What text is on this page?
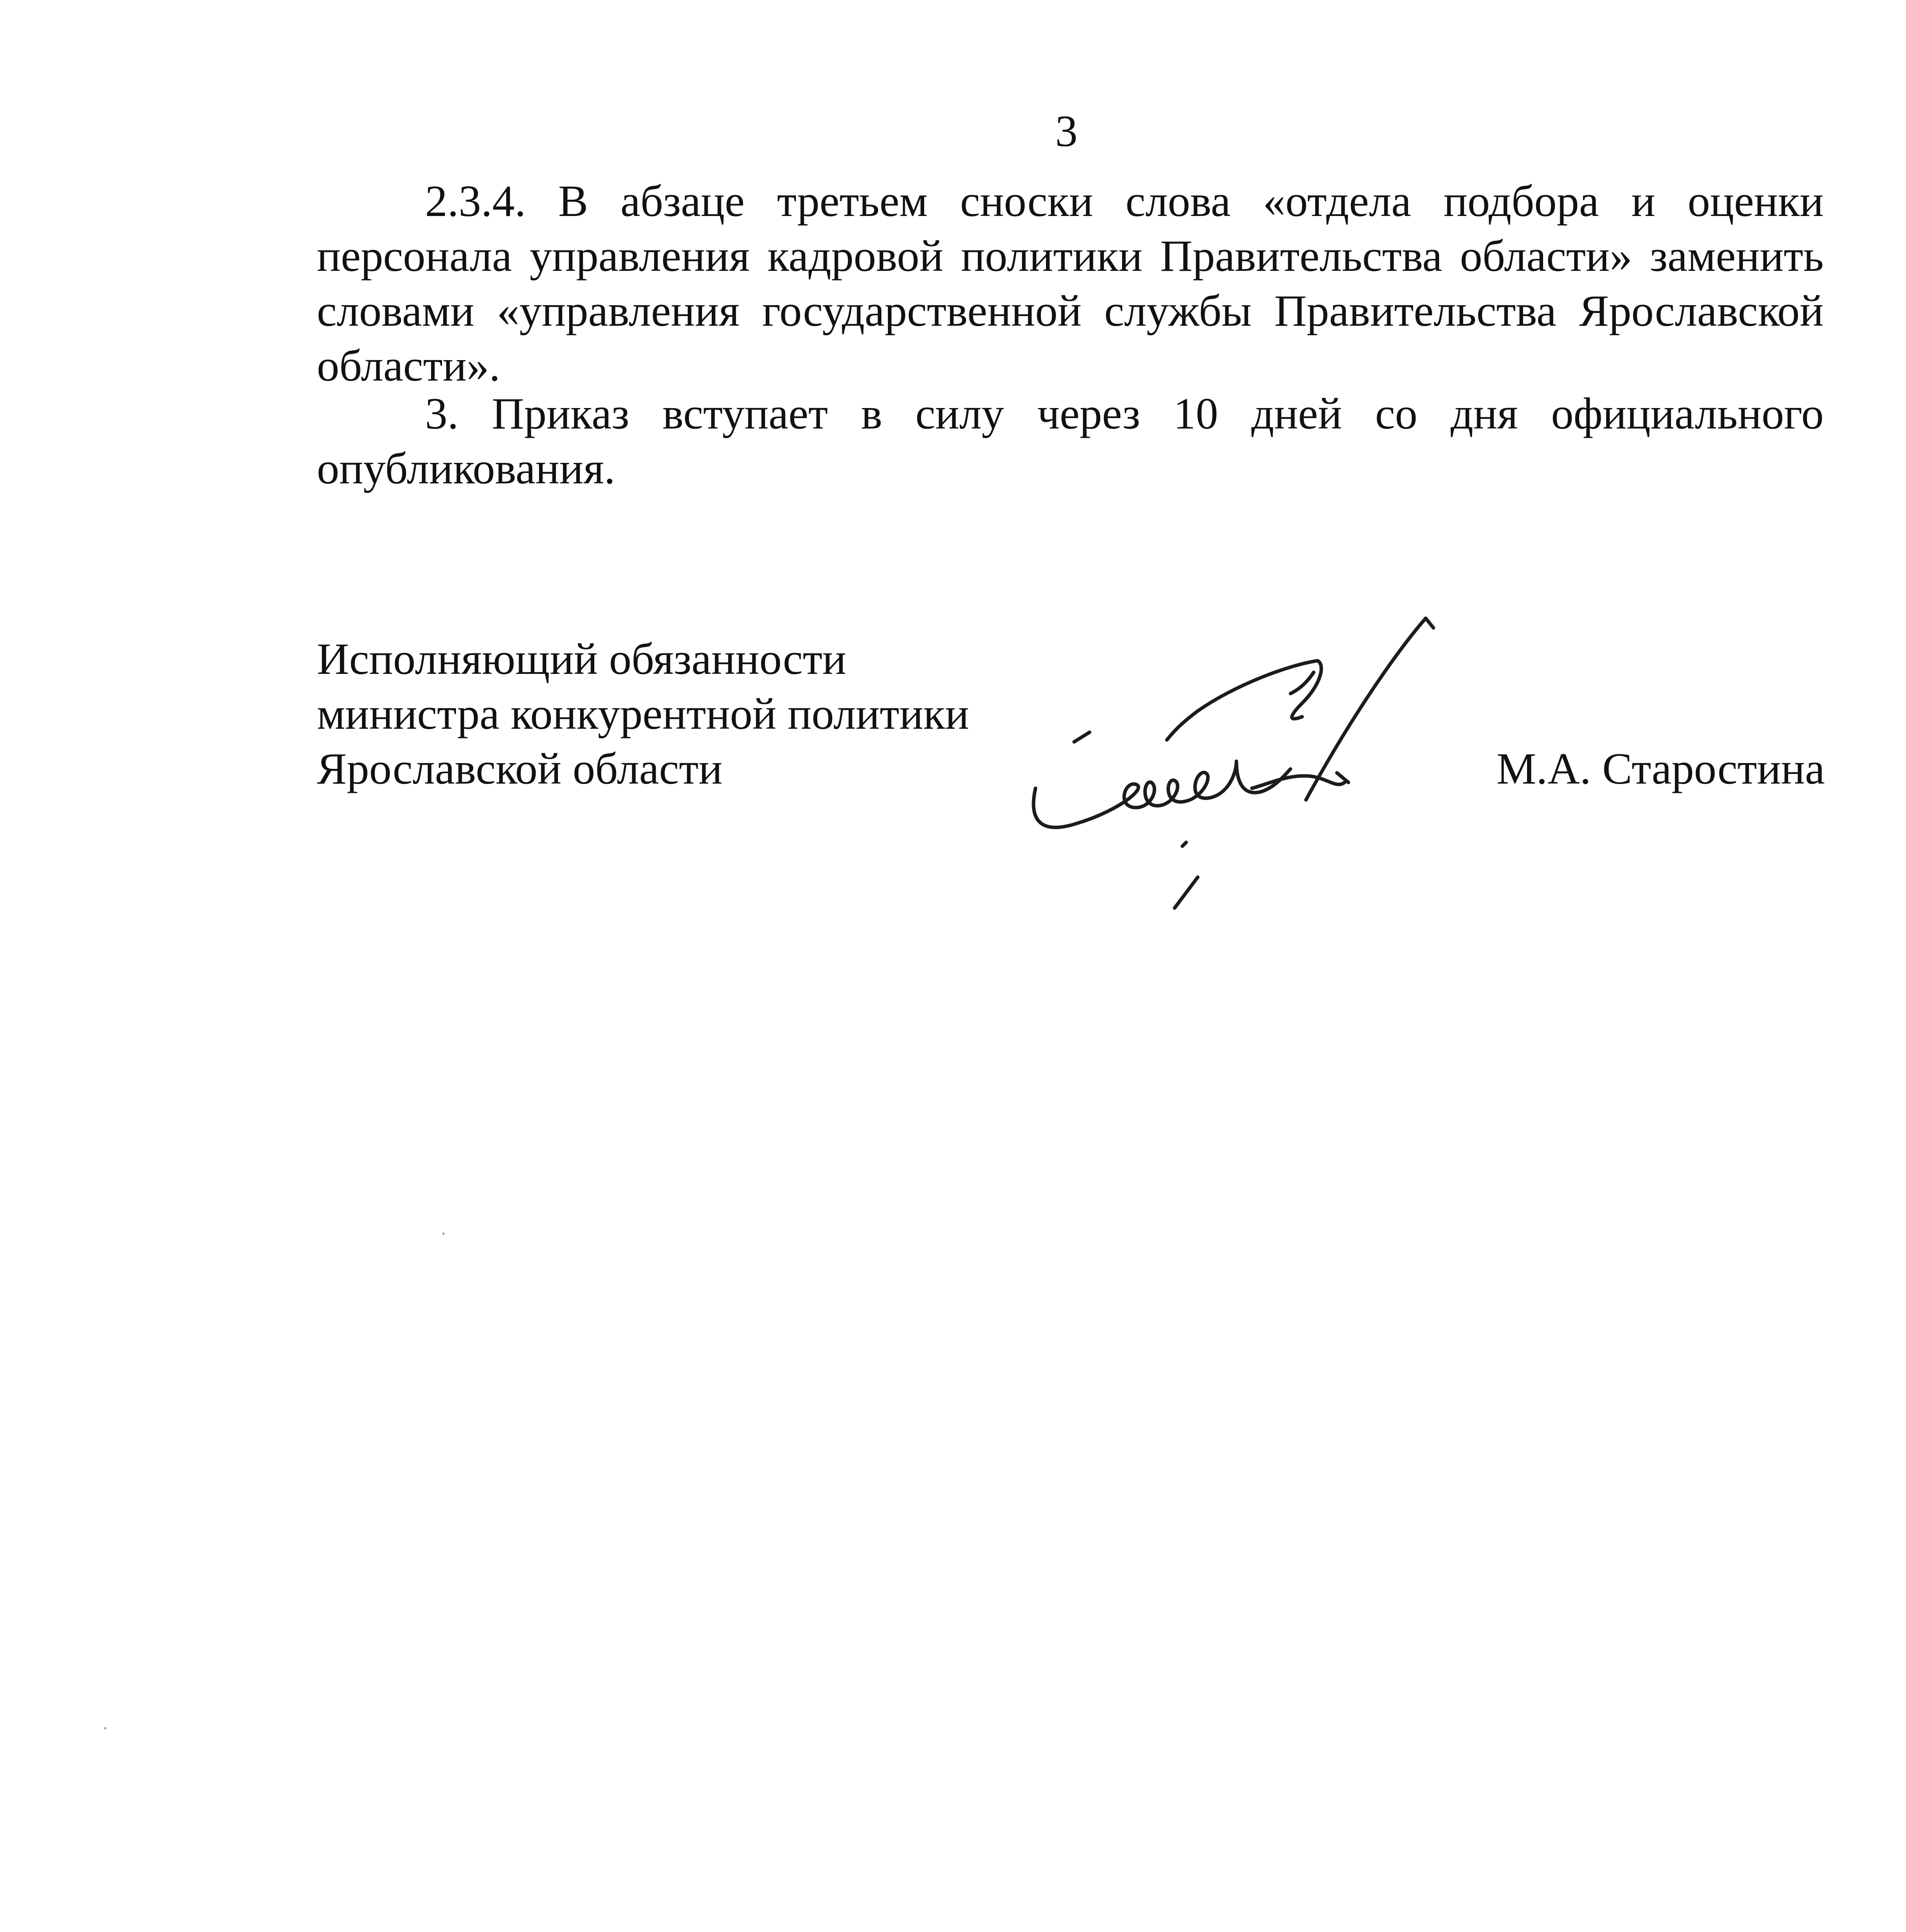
3

2.3.4. В абзаце третьем сноски слова «отдела подбора и оценки персонала управления кадровой политики Правительства области» заменить словами «управления государственной службы Правительства Ярославской области».

3. Приказ вступает в силу через 10 дней со дня официального опубликования.

Исполняющий обязанности
министра конкурентной политики
Ярославской области	М.А. Старостина
